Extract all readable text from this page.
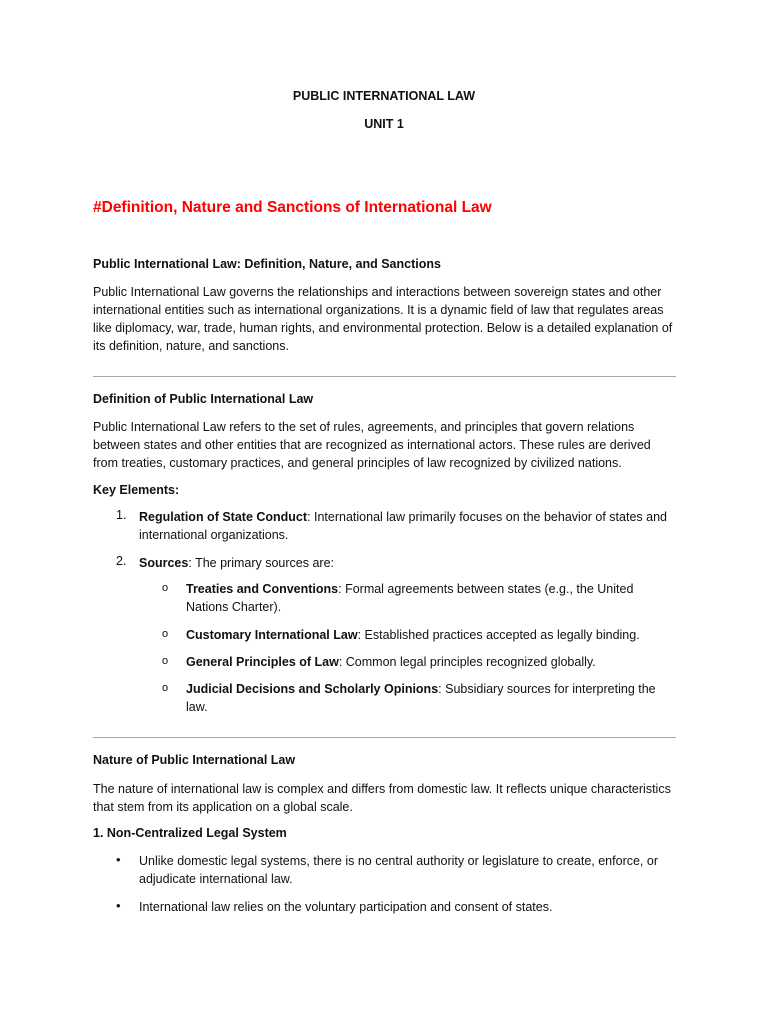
PUBLIC INTERNATIONAL LAW
UNIT 1
#Definition, Nature and Sanctions of International Law
Public International Law: Definition, Nature, and Sanctions

Public International Law governs the relationships and interactions between sovereign states and other international entities such as international organizations. It is a dynamic field of law that regulates areas like diplomacy, war, trade, human rights, and environmental protection. Below is a detailed explanation of its definition, nature, and sanctions.

Definition of Public International Law

Public International Law refers to the set of rules, agreements, and principles that govern relations between states and other entities that are recognized as international actors. These rules are derived from treaties, customary practices, and general principles of law recognized by civilized nations.

Key Elements:
1. Regulation of State Conduct: International law primarily focuses on the behavior of states and international organizations.
2. Sources: The primary sources are:
o Treaties and Conventions: Formal agreements between states (e.g., the United Nations Charter).
o Customary International Law: Established practices accepted as legally binding.
o General Principles of Law: Common legal principles recognized globally.
o Judicial Decisions and Scholarly Opinions: Subsidiary sources for interpreting the law.
Nature of Public International Law

The nature of international law is complex and differs from domestic law. It reflects unique characteristics that stem from its application on a global scale.

1. Non-Centralized Legal System
• Unlike domestic legal systems, there is no central authority or legislature to create, enforce, or adjudicate international law.
• International law relies on the voluntary participation and consent of states.
